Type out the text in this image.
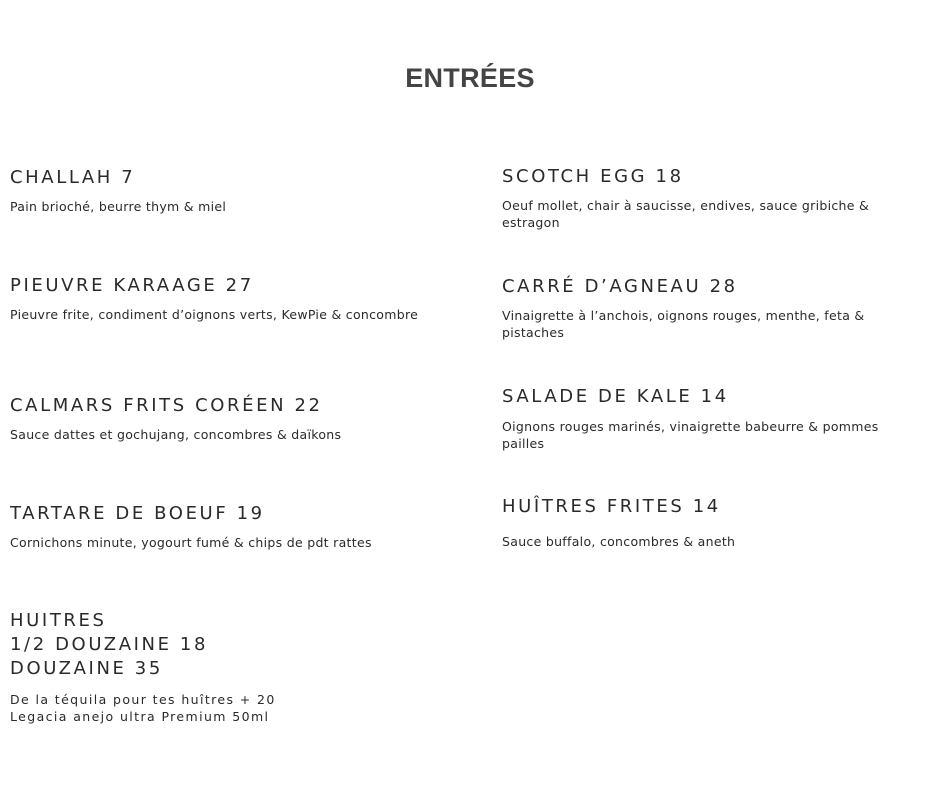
ENTRÉES

CHALLAH 7

Pain brioché, beurre thym & miel

PIEUVRE KARAAGE 27

Pieuvre frite, condiment d’oignons verts, KewPie & concombre

CALMARS FRITS CORÉEN 22

Sauce dattes et gochujang, concombres & daïkons

TARTARE DE BOEUF 19

Cornichons minute, yogourt fumé & chips de pdt rattes

HUITRES

1/2 DOUZAINE 18

DOUZAINE 35

De la téquila pour tes huîtres + 20

Legacia anejo ultra Premium 50ml

SCOTCH EGG 18

Oeuf mollet, chair à saucisse, endives, sauce gribiche & estragon

CARRÉ D’AGNEAU 28

Vinaigrette à l’anchois, oignons rouges, menthe, feta & pistaches

SALADE DE KALE 14

Oignons rouges marinés, vinaigrette babeurre & pommes pailles

HUÎTRES FRITES 14

Sauce buffalo, concombres & aneth
